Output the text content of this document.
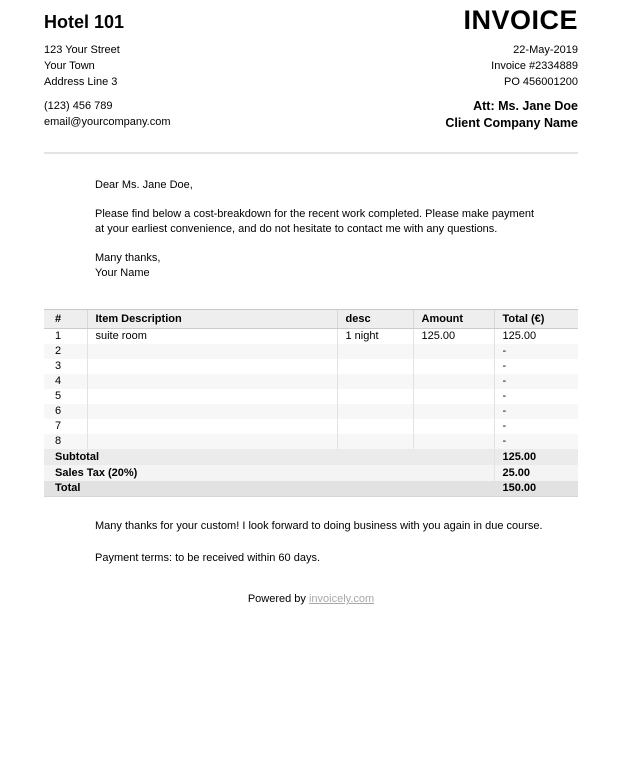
Hotel 101
123 Your Street
Your Town
Address Line 3
(123) 456 789
email@yourcompany.com
INVOICE
22-May-2019
Invoice #2334889
PO 456001200
Att: Ms. Jane Doe
Client Company Name
Dear Ms. Jane Doe,
Please find below a cost-breakdown for the recent work completed. Please make payment
at your earliest convenience, and do not hesitate to contact me with any questions.
Many thanks,
Your Name
#	Item Description	desc	Amount	Total (€)
1	suite room	1 night	125.00	125.00
2				-
3				-
4				-
5				-
6				-
7				-
8				-
Subtotal				125.00
Sales Tax (20%)				25.00
Total				150.00
Many thanks for your custom! I look forward to doing business with you again in due course.
Payment terms: to be received within 60 days.
Powered by invoicely.com
